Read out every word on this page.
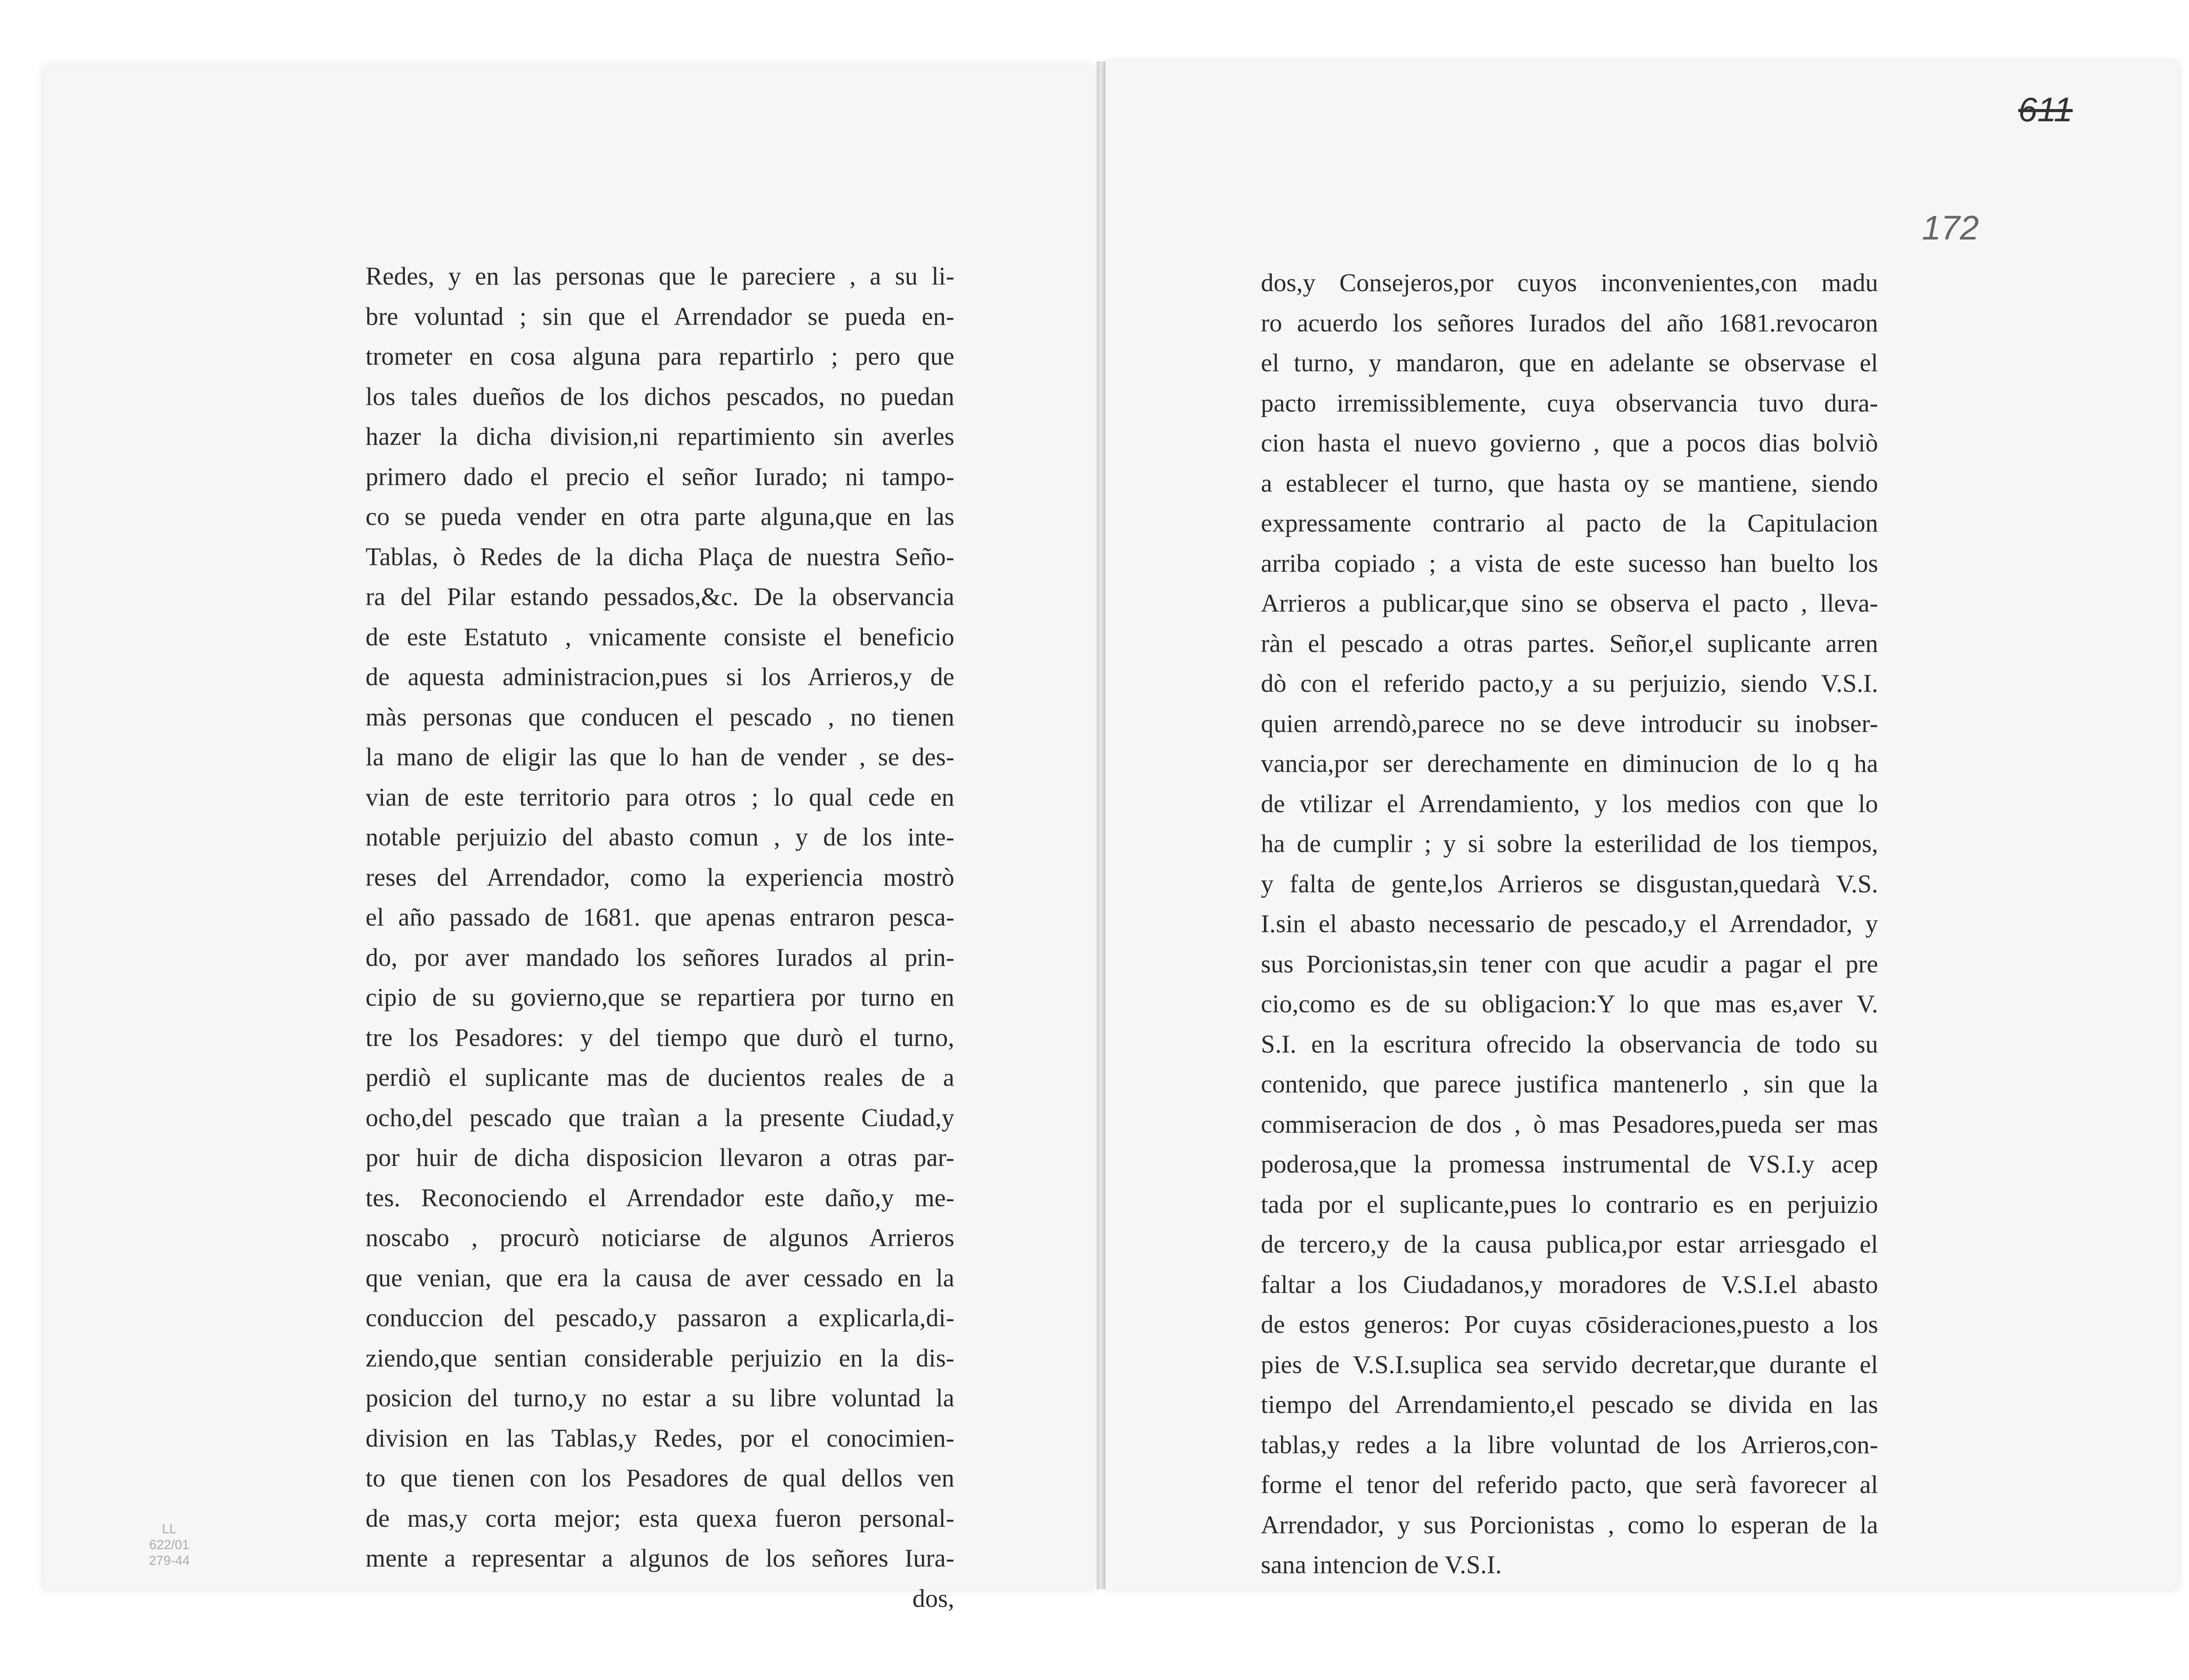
Redes, y en las personas que le pareciere , a su li-
bre voluntad ; sin que el Arrendador se pueda en-
trometer en cosa alguna para repartirlo ; pero que
los tales dueños de los dichos pescados, no puedan
hazer la dicha division,ni repartimiento sin averles
primero dado el precio el señor Iurado; ni tampo-
co se pueda vender en otra parte alguna,que en las
Tablas, ò Redes de la dicha Plaça de nuestra Seño-
ra del Pilar estando pessados,&c. De la observancia
de este Estatuto , vnicamente consiste el beneficio
de aquesta administracion,pues si los Arrieros,y de
màs personas que conducen el pescado , no tienen
la mano de eligir las que lo han de vender , se des-
vian de este territorio para otros ; lo qual cede en
notable perjuizio del abasto comun , y de los inte-
reses del Arrendador, como la experiencia mostrò
el año passado de 1681. que apenas entraron pesca-
do, por aver mandado los señores Iurados al prin-
cipio de su govierno,que se repartiera por turno en
tre los Pesadores: y del tiempo que durò el turno,
perdiò el suplicante mas de ducientos reales de a
ocho,del pescado que traìan a la presente Ciudad,y
por huir de dicha disposicion llevaron a otras par-
tes. Reconociendo el Arrendador este daño,y me-
noscabo , procurò noticiarse de algunos Arrieros
que venian, que era la causa de aver cessado en la
conduccion del pescado,y passaron a explicarla,di-
ziendo,que sentian considerable perjuizio en la dis-
posicion del turno,y no estar a su libre voluntad la
division en las Tablas,y Redes, por el conocimien-
to que tienen con los Pesadores de qual dellos ven
de mas,y corta mejor; esta quexa fueron personal-
mente a representar a algunos de los señores Iura-
dos,
dos,y Consejeros,por cuyos inconvenientes,con madu
ro acuerdo los señores Iurados del año 1681.revocaron
el turno, y mandaron, que en adelante se observase el
pacto irremissiblemente, cuya observancia tuvo dura-
cion hasta el nuevo govierno , que a pocos dias bolviò
a establecer el turno, que hasta oy se mantiene, siendo
expressamente contrario al pacto de la Capitulacion
arriba copiado ; a vista de este sucesso han buelto los
Arrieros a publicar,que sino se observa el pacto , lleva-
ràn el pescado a otras partes. Señor,el suplicante arren
dò con el referido pacto,y a su perjuizio, siendo V.S.I.
quien arrendò,parece no se deve introducir su inobser-
vancia,por ser derechamente en diminucion de lo q ha
de vtilizar el Arrendamiento, y los medios con que lo
ha de cumplir ; y si sobre la esterilidad de los tiempos,
y falta de gente,los Arrieros se disgustan,quedarà V.S.
I.sin el abasto necessario de pescado,y el Arrendador, y
sus Porcionistas,sin tener con que acudir a pagar el pre
cio,como es de su obligacion:Y lo que mas es,aver V.
S.I. en la escritura ofrecido la observancia de todo su
contenido, que parece justifica mantenerlo , sin que la
commiseracion de dos , ò mas Pesadores,pueda ser mas
poderosa,que la promessa instrumental de VS.I.y acep
tada por el suplicante,pues lo contrario es en perjuizio
de tercero,y de la causa publica,por estar arriesgado el
faltar a los Ciudadanos,y moradores de V.S.I.el abasto
de estos generos: Por cuyas cōsideraciones,puesto a los
pies de V.S.I.suplica sea servido decretar,que durante el
tiempo del Arrendamiento,el pescado se divida en las
tablas,y redes a la libre voluntad de los Arrieros,con-
forme el tenor del referido pacto, que serà favorecer al
Arrendador, y sus Porcionistas , como lo esperan de la
sana intencion de V.S.I.
611
172
LL
622/01
279-44
